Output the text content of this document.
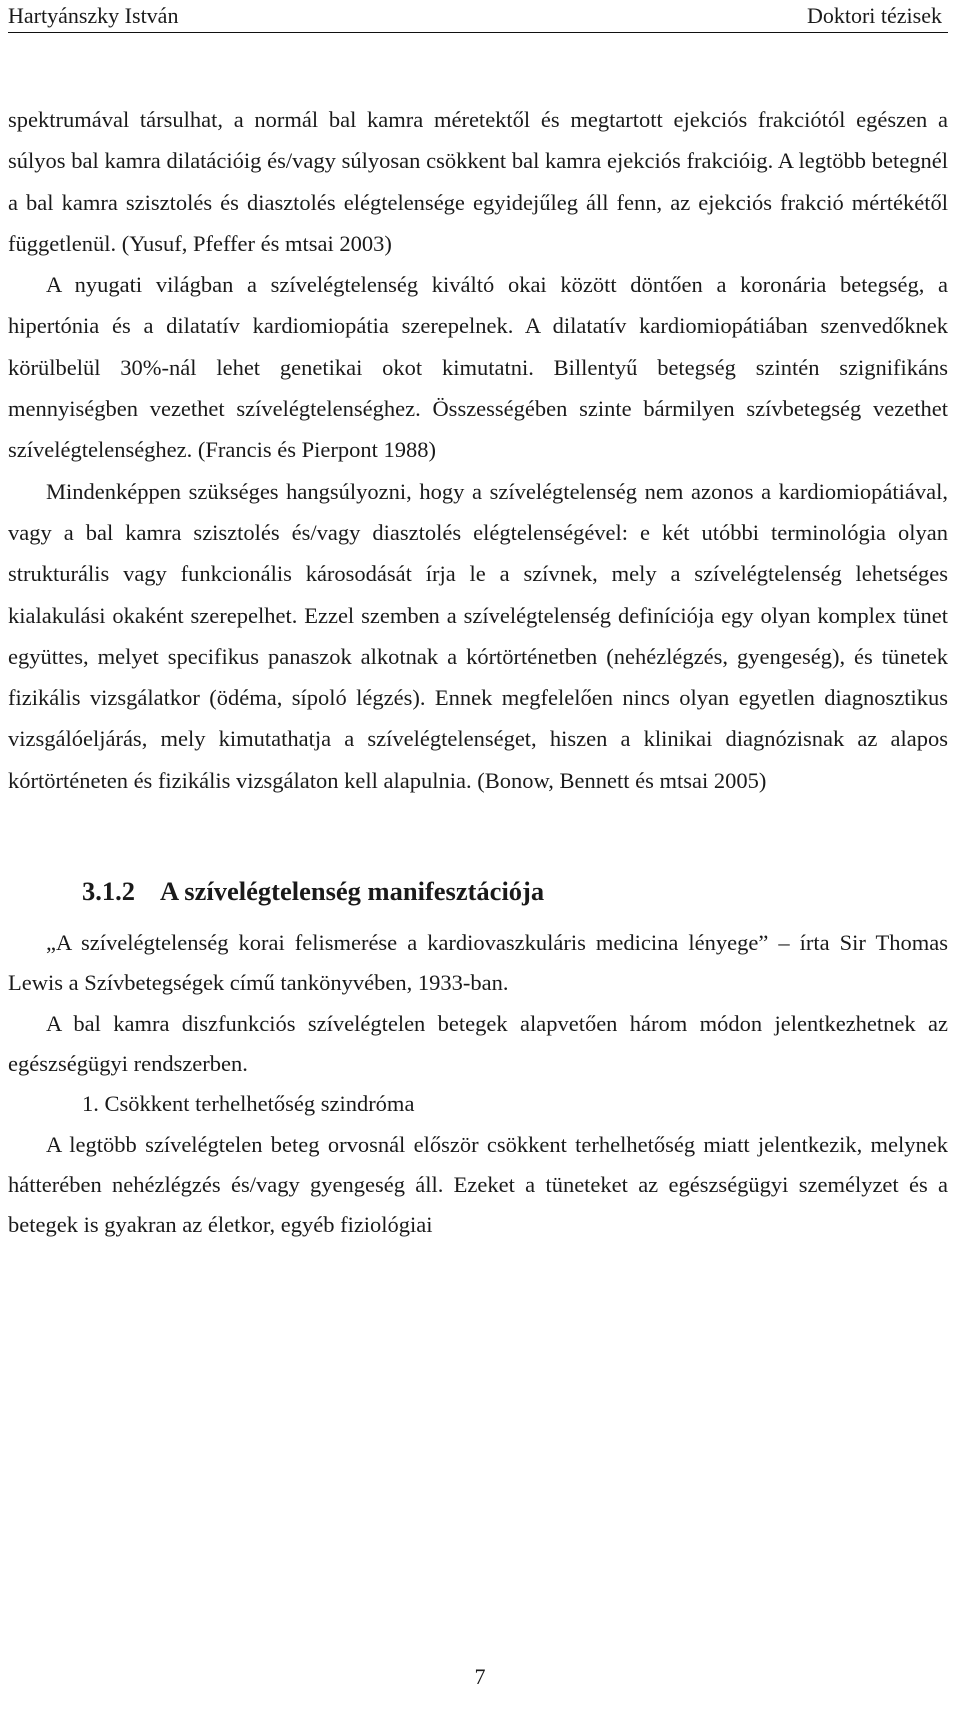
Hartyánszky István	Doktori tézisek

spektrumával társulhat, a normál bal kamra méretektől és megtartott ejekciós frakciótól egészen a súlyos bal kamra dilatációig és/vagy súlyosan csökkent bal kamra ejekciós frakcióig. A legtöbb betegnél a bal kamra szisztolés és diasztolés elégtelensége egyidejűleg áll fenn, az ejekciós frakció mértékétől függetlenül. (Yusuf, Pfeffer és mtsai 2003)

A nyugati világban a szívelégtelenség kiváltó okai között döntően a koronária betegség, a hipertónia és a dilatatív kardiomiopátia szerepelnek. A dilatatív kardiomiopátiában szenvedőknek körülbelül 30%-nál lehet genetikai okot kimutatni. Billentyű betegség szintén szignifikáns mennyiségben vezethet szívelégtelenséghez. Összességében szinte bármilyen szívbetegség vezethet szívelégtelenséghez. (Francis és Pierpont 1988)

Mindenképpen szükséges hangsúlyozni, hogy a szívelégtelenség nem azonos a kardiomiopátiával, vagy a bal kamra szisztolés és/vagy diasztolés elégtelenségével: e két utóbbi terminológia olyan strukturális vagy funkcionális károsodását írja le a szívnek, mely a szívelégtelenség lehetséges kialakulási okaként szerepelhet. Ezzel szemben a szívelégtelenség definíciója egy olyan komplex tünet együttes, melyet specifikus panaszok alkotnak a kórtörténetben (nehézlégzés, gyengeség), és tünetek fizikális vizsgálatkor (ödéma, sípoló légzés). Ennek megfelelően nincs olyan egyetlen diagnosztikus vizsgálóeljárás, mely kimutathatja a szívelégtelenséget, hiszen a klinikai diagnózisnak az alapos kórtörténeten és fizikális vizsgálaton kell alapulnia. (Bonow, Bennett és mtsai 2005)

3.1.2 A szívelégtelenség manifesztációja

„A szívelégtelenség korai felismerése a kardiovaszkuláris medicina lényege” – írta Sir Thomas Lewis a Szívbetegségek című tankönyvében, 1933-ban.

A bal kamra diszfunkciós szívelégtelen betegek alapvetően három módon jelentkezhetnek az egészségügyi rendszerben.

1. Csökkent terhelhetőség szindróma

A legtöbb szívelégtelen beteg orvosnál először csökkent terhelhetőség miatt jelentkezik, melynek hátterében nehézlégzés és/vagy gyengeség áll. Ezeket a tüneteket az egészségügyi személyzet és a betegek is gyakran az életkor, egyéb fiziológiai

7
